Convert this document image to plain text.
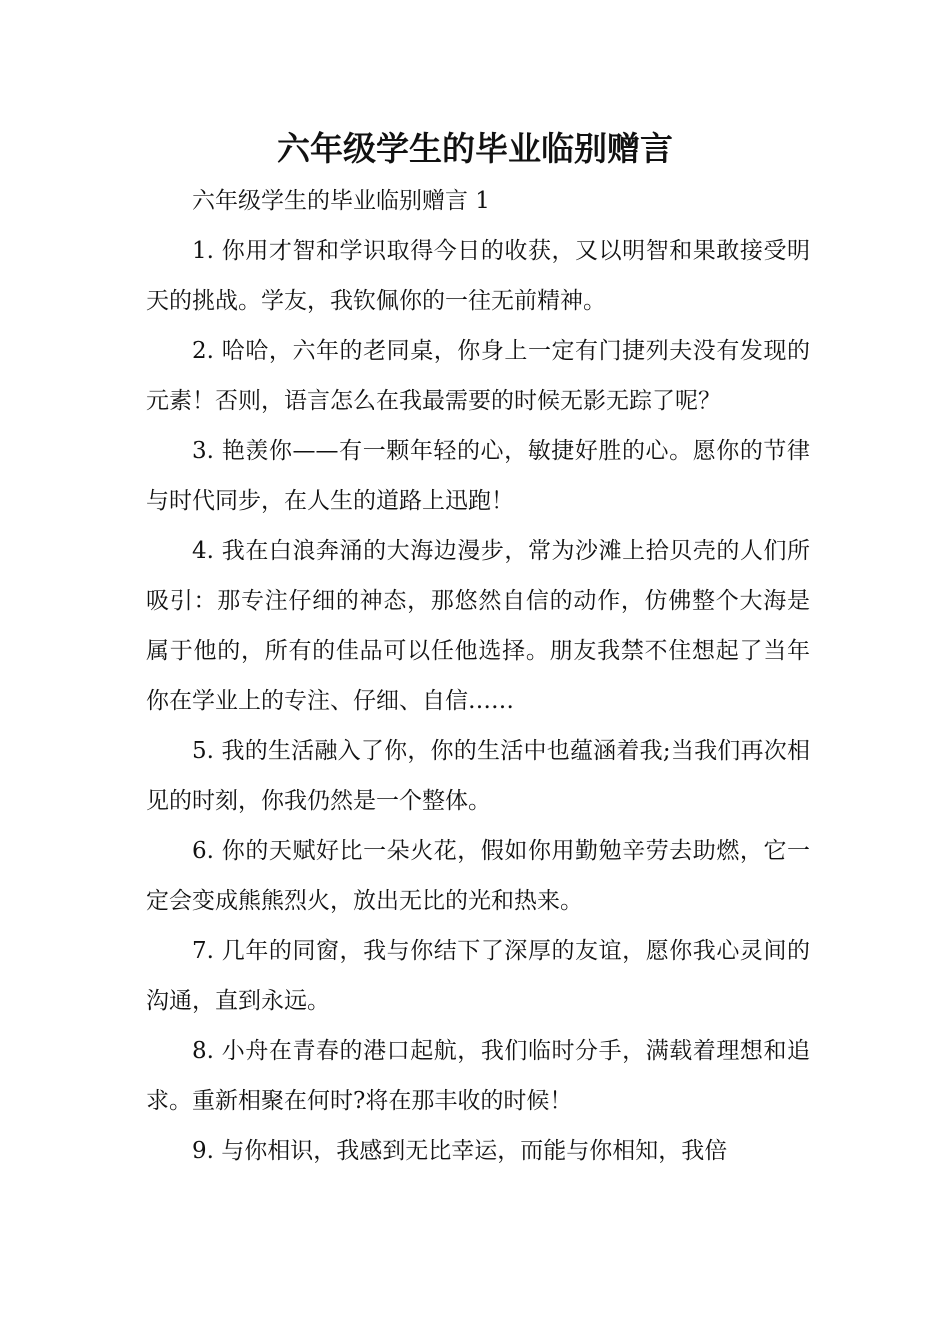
六年级学生的毕业临别赠言

六年级学生的毕业临别赠言 1

1. 你用才智和学识取得今日的收获，又以明智和果敢接受明天的挑战。学友，我钦佩你的一往无前精神。

2. 哈哈，六年的老同桌，你身上一定有门捷列夫没有发现的元素！否则，语言怎么在我最需要的时候无影无踪了呢？

3. 艳羡你——有一颗年轻的心，敏捷好胜的心。愿你的节律与时代同步，在人生的道路上迅跑！

4. 我在白浪奔涌的大海边漫步，常为沙滩上拾贝壳的人们所吸引：那专注仔细的神态，那悠然自信的动作，仿佛整个大海是属于他的，所有的佳品可以任他选择。朋友我禁不住想起了当年你在学业上的专注、仔细、自信……

5. 我的生活融入了你，你的生活中也蕴涵着我;当我们再次相见的时刻，你我仍然是一个整体。

6. 你的天赋好比一朵火花，假如你用勤勉辛劳去助燃，它一定会变成熊熊烈火，放出无比的光和热来。

7. 几年的同窗，我与你结下了深厚的友谊，愿你我心灵间的沟通，直到永远。

8. 小舟在青春的港口起航，我们临时分手，满载着理想和追求。重新相聚在何时?将在那丰收的时候！

9. 与你相识，我感到无比幸运，而能与你相知，我倍
